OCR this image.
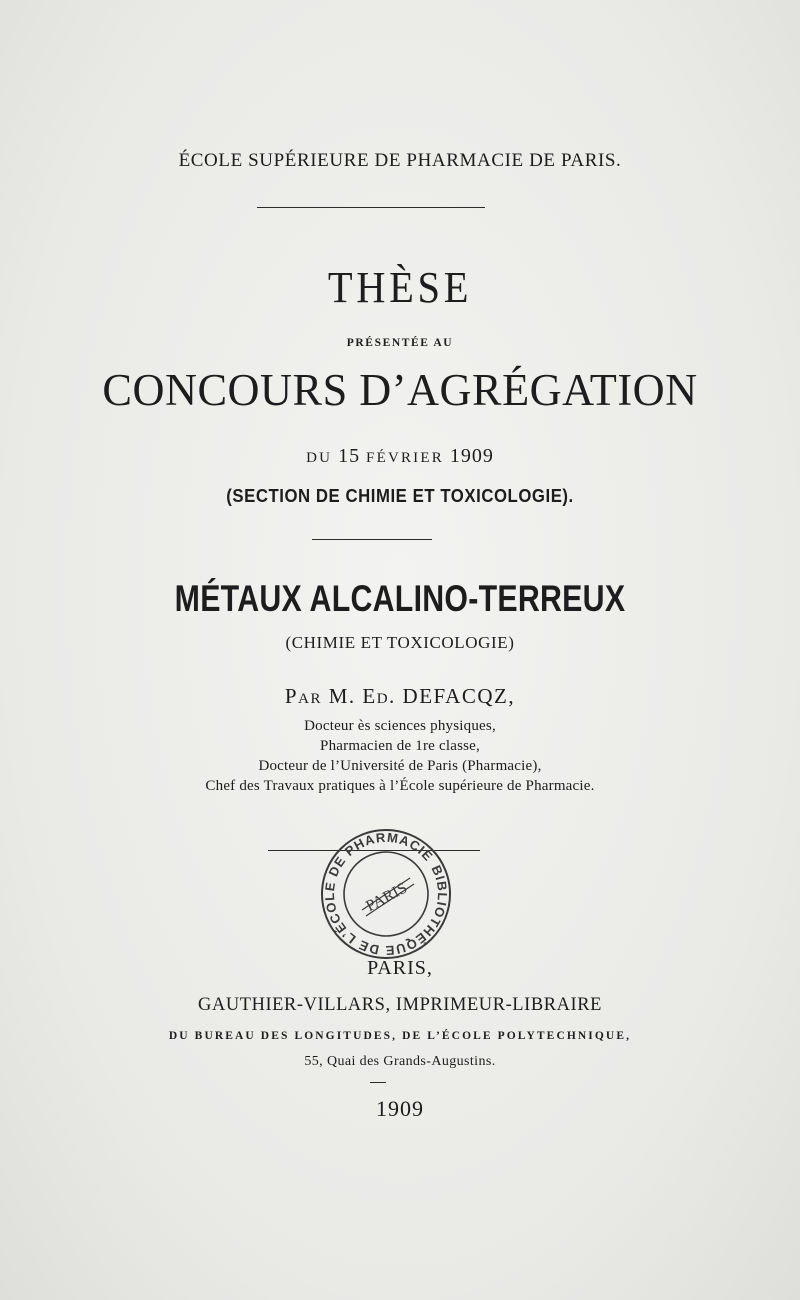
ÉCOLE SUPÉRIEURE DE PHARMACIE DE PARIS.
THÈSE
PRÉSENTÉE AU
CONCOURS D’AGRÉGATION
DU 15 FÉVRIER 1909
(SECTION DE CHIMIE ET TOXICOLOGIE).
MÉTAUX ALCALINO-TERREUX
(CHIMIE ET TOXICOLOGIE)
PAR M. ED. DEFACQZ,
Docteur ès sciences physiques,
Pharmacien de 1re classe,
Docteur de l’Université de Paris (Pharmacie),
Chef des Travaux pratiques à l’École supérieure de Pharmacie.
BIBLIOTHÈQUE DE L’ÉCOLE DE PHARMACIE
PARIS
PARIS,
GAUTHIER-VILLARS, IMPRIMEUR-LIBRAIRE
DU BUREAU DES LONGITUDES, DE L’ÉCOLE POLYTECHNIQUE,
55, Quai des Grands-Augustins.
1909
